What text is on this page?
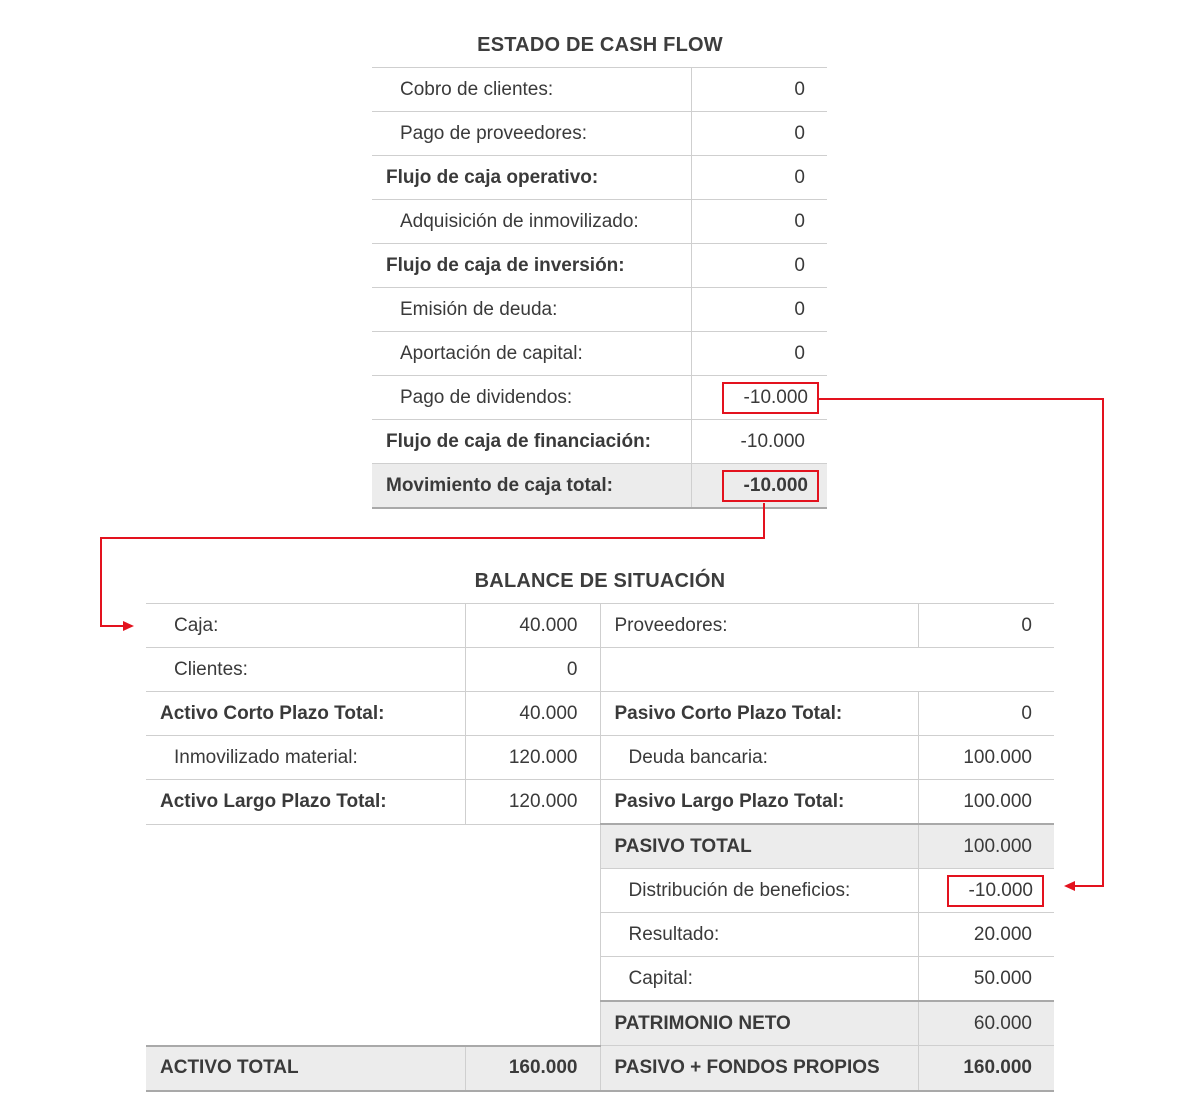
ESTADO DE CASH FLOW
Cobro de clientes:	0
Pago de proveedores:	0
Flujo de caja operativo:	0
Adquisición de inmovilizado:	0
Flujo de caja de inversión:	0
Emisión de deuda:	0
Aportación de capital:	0
Pago de dividendos:	-10.000
Flujo de caja de financiación:	-10.000
Movimiento de caja total:	-10.000
BALANCE DE SITUACIÓN
Caja:	40.000	Proveedores:	0
Clientes:	0		
Activo Corto Plazo Total:	40.000	Pasivo Corto Plazo Total:	0
Inmovilizado material:	120.000	Deuda bancaria:	100.000
Activo Largo Plazo Total:	120.000	Pasivo Largo Plazo Total:	100.000
		PASIVO TOTAL	100.000
		Distribución de beneficios:	-10.000
		Resultado:	20.000
		Capital:	50.000
		PATRIMONIO NETO	60.000
ACTIVO TOTAL	160.000	PASIVO + FONDOS PROPIOS	160.000
